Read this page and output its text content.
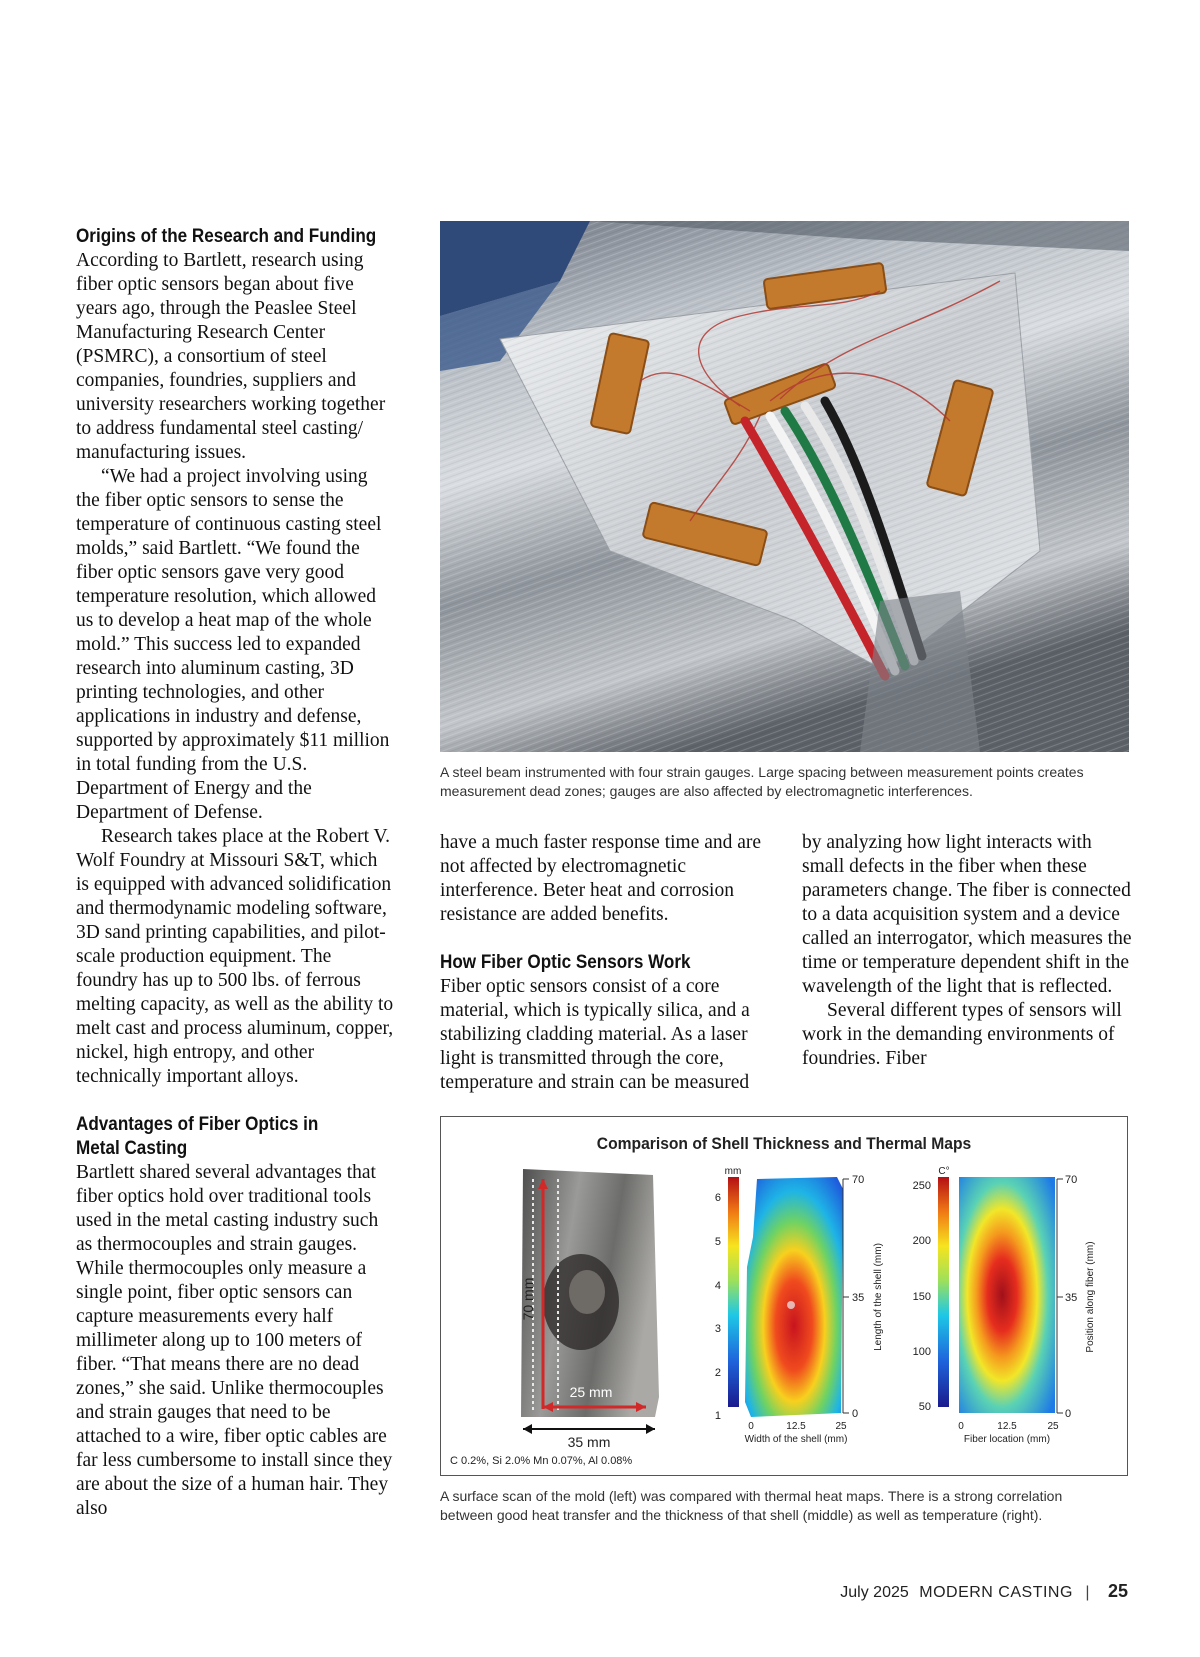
Origins of the Research and Funding

According to Bartlett, research using fiber optic sensors began about five years ago, through the Peaslee Steel Manufacturing Research Center (PSMRC), a consortium of steel companies, foundries, suppliers and university researchers working together to address fundamental steel casting/ manufacturing issues.

“We had a project involving using the fiber optic sensors to sense the temperature of continuous casting steel molds,” said Bartlett. “We found the fiber optic sensors gave very good temperature resolution, which allowed us to develop a heat map of the whole mold.” This success led to expanded research into aluminum casting, 3D printing technologies, and other applications in industry and defense, supported by approximately $11 million in total funding from the U.S. Department of Energy and the Department of Defense.

Research takes place at the Robert V. Wolf Foundry at Missouri S&T, which is equipped with advanced solidification and thermodynamic modeling software, 3D sand printing capabilities, and pilot-scale production equipment. The foundry has up to 500 lbs. of ferrous melting capacity, as well as the ability to melt cast and process aluminum, copper, nickel, high entropy, and other technically important alloys.

Advantages of Fiber Optics in
Metal Casting

Bartlett shared several advantages that fiber optics hold over traditional tools used in the metal casting industry such as thermocouples and strain gauges. While thermocouples only measure a single point, fiber optic sensors can capture measurements every half millimeter along up to 100 meters of fiber. “That means there are no dead zones,” she said. Unlike thermocouples and strain gauges that need to be attached to a wire, fiber optic cables are far less cumbersome to install since they are about the size of a human hair. They also

A steel beam instrumented with four strain gauges. Large spacing between measurement points creates measurement dead zones; gauges are also affected by electromagnetic interferences.

have a much faster response time and are not affected by electromagnetic interference. Beter heat and corrosion resistance are added benefits.

How Fiber Optic Sensors Work

Fiber optic sensors consist of a core material, which is typically silica, and a stabilizing cladding material. As a laser light is transmitted through the core, temperature and strain can be measured

by analyzing how light interacts with small defects in the fiber when these parameters change. The fiber is connected to a data acquisition system and a device called an interrogator, which measures the time or temperature dependent shift in the wavelength of the light that is reflected.

Several different types of sensors will work in the demanding environments of foundries. Fiber

Comparison of Shell Thickness and Thermal Maps
70 mm
25 mm
35 mm
C 0.2%, Si 2.0% Mn 0.07%, Al 0.08%
mm
6
5
4
3
2
1
70
35
0
Length of the shell (mm)
0	12.5	25
Width of the shell (mm)
C°
250
200
150
100
50
70
35
0
Position along fiber (mm)
0	12.5	25
Fiber location (mm)
A surface scan of the mold (left) was compared with thermal heat maps. There is a strong correlation between good heat transfer and the thickness of that shell (middle) as well as temperature (right).
July 2025 MODERN CASTING | 25
